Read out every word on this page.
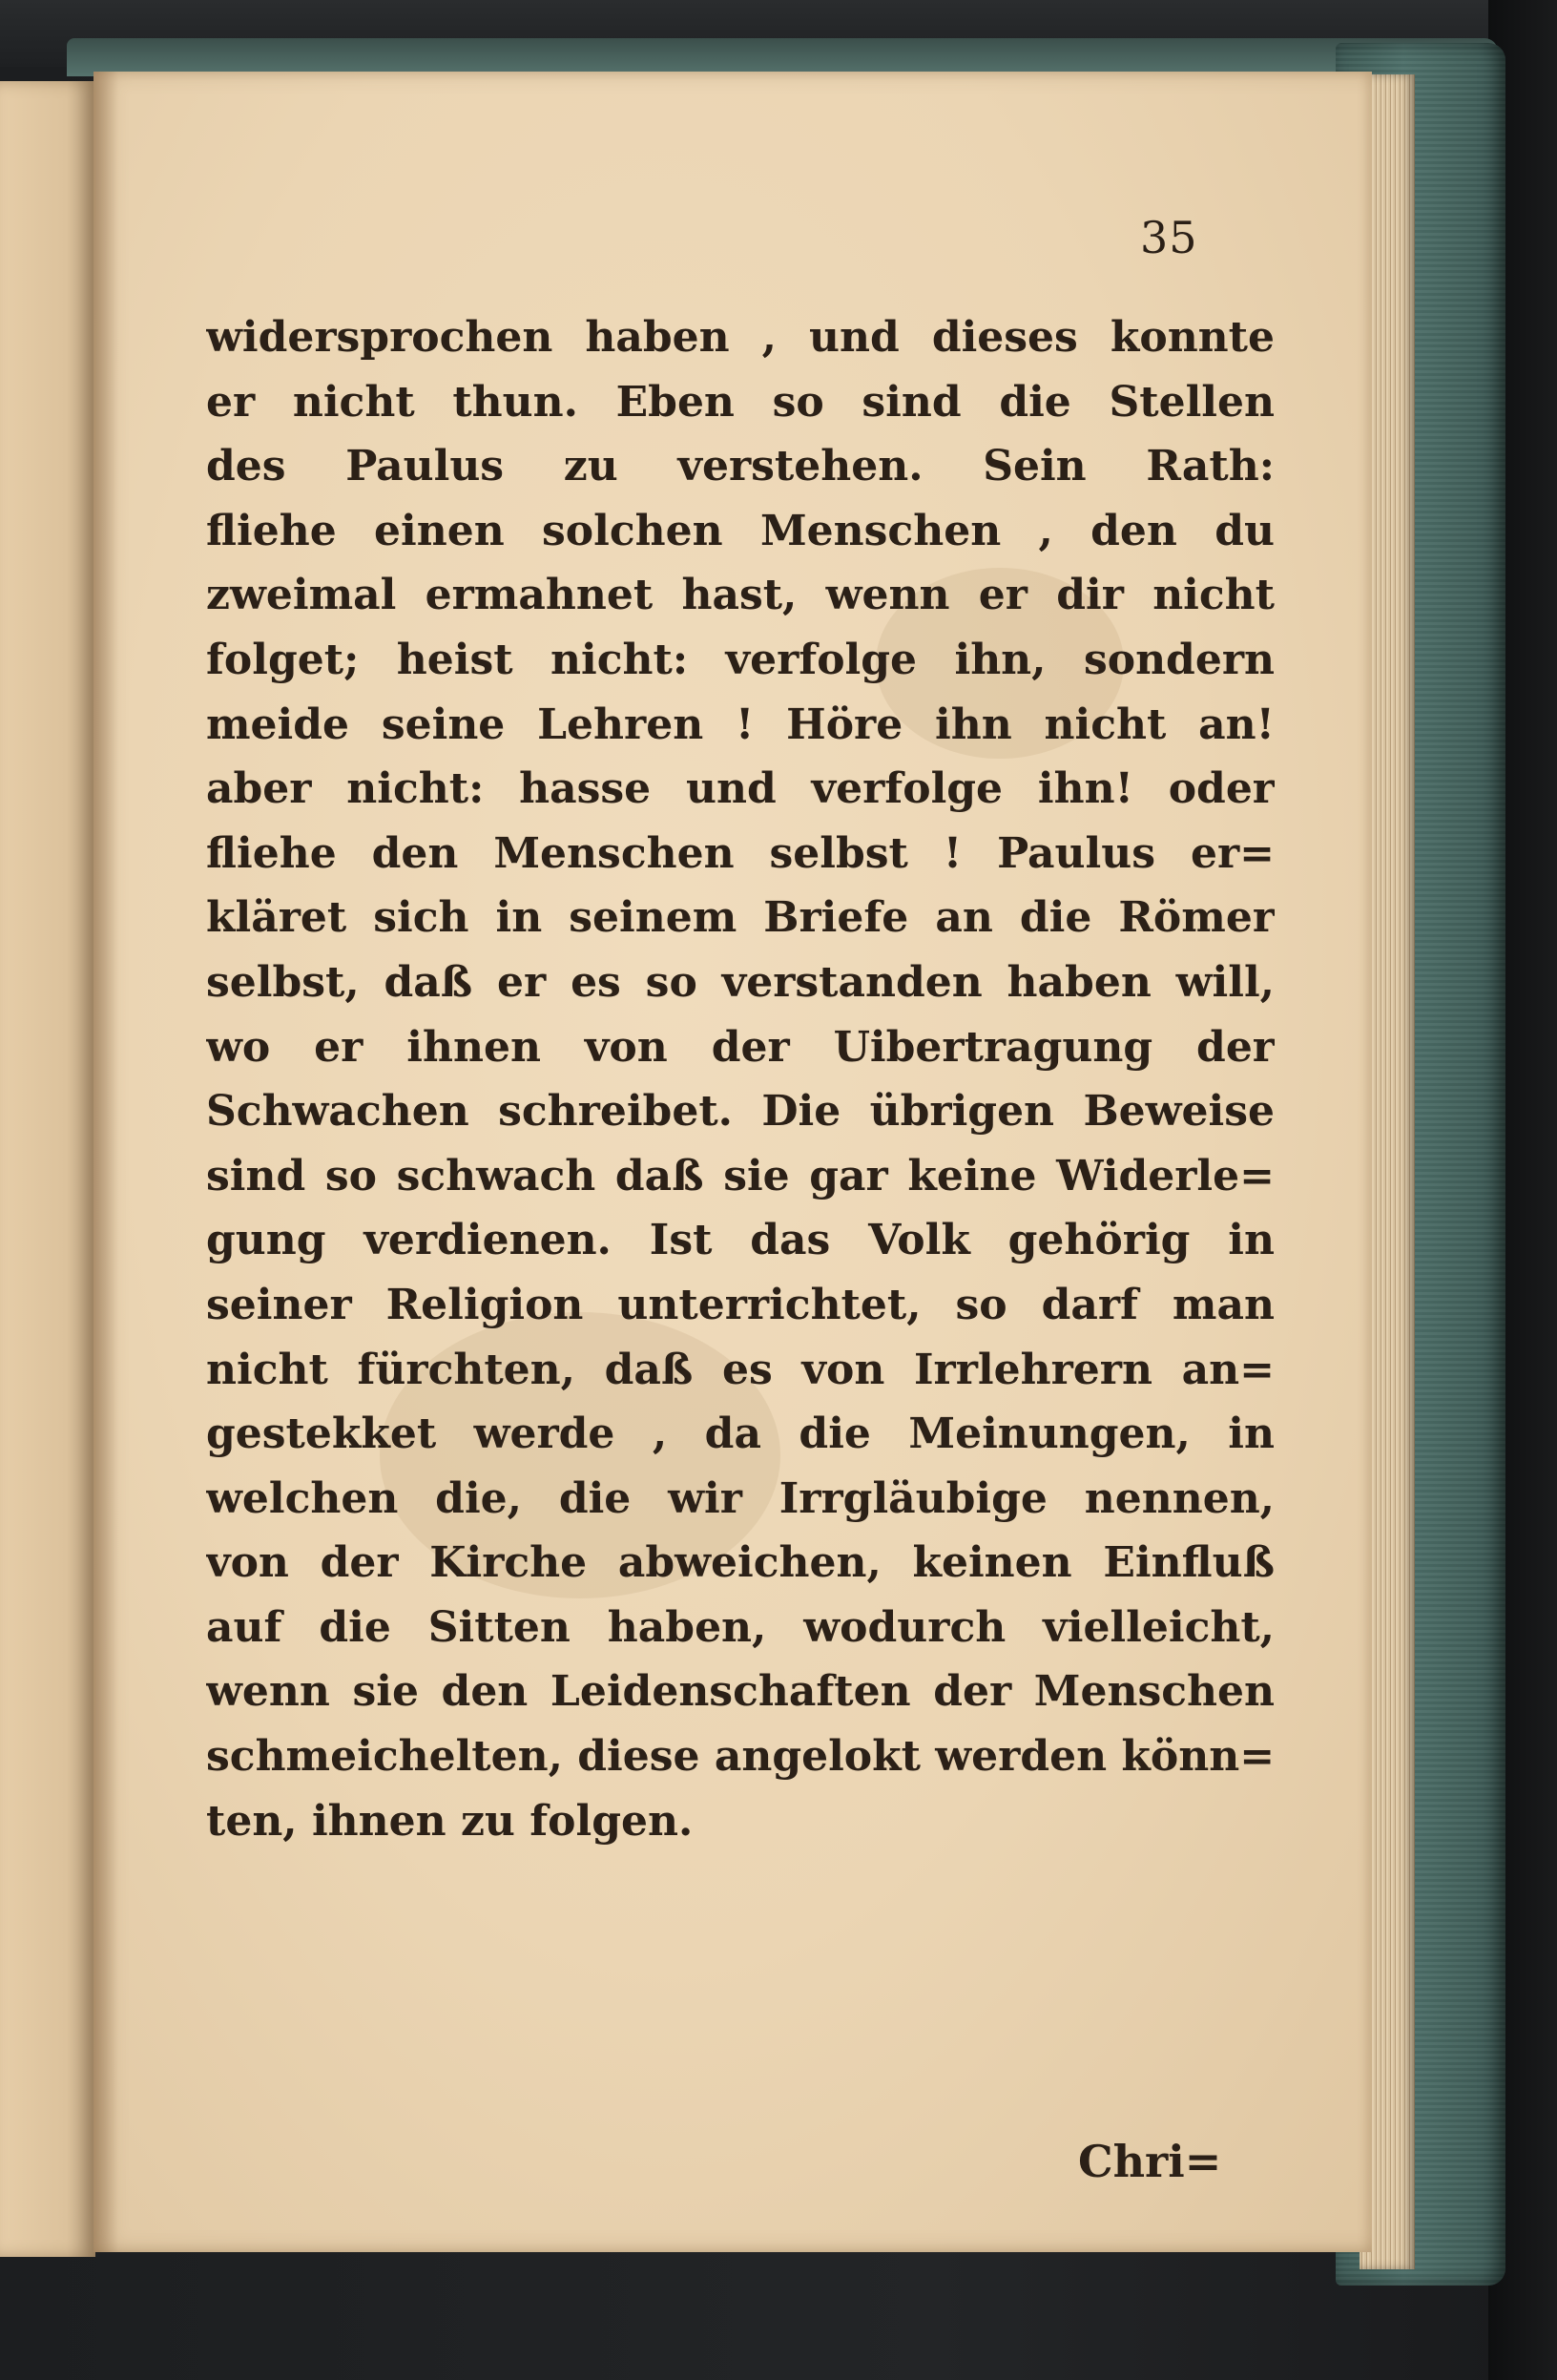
35
widersprochen haben , und dieses konnte
er nicht thun. Eben so sind die Stellen
des Paulus zu verstehen. Sein Rath:
fliehe einen solchen Menschen , den du
zweimal ermahnet hast, wenn er dir nicht
folget; heist nicht: verfolge ihn, sondern
meide seine Lehren ! Höre ihn nicht an!
aber nicht: hasse und verfolge ihn! oder
fliehe den Menschen selbst ! Paulus er=
kläret sich in seinem Briefe an die Römer
selbst, daß er es so verstanden haben will,
wo er ihnen von der Uibertragung der
Schwachen schreibet. Die übrigen Beweise
sind so schwach daß sie gar keine Widerle=
gung verdienen. Ist das Volk gehörig in
seiner Religion unterrichtet, so darf man
nicht fürchten, daß es von Irrlehrern an=
gestekket werde , da die Meinungen, in
welchen die, die wir Irrgläubige nennen,
von der Kirche abweichen, keinen Einfluß
auf die Sitten haben, wodurch vielleicht,
wenn sie den Leidenschaften der Menschen
schmeichelten, diese angelokt werden könn=
ten, ihnen zu folgen.
Chri=
